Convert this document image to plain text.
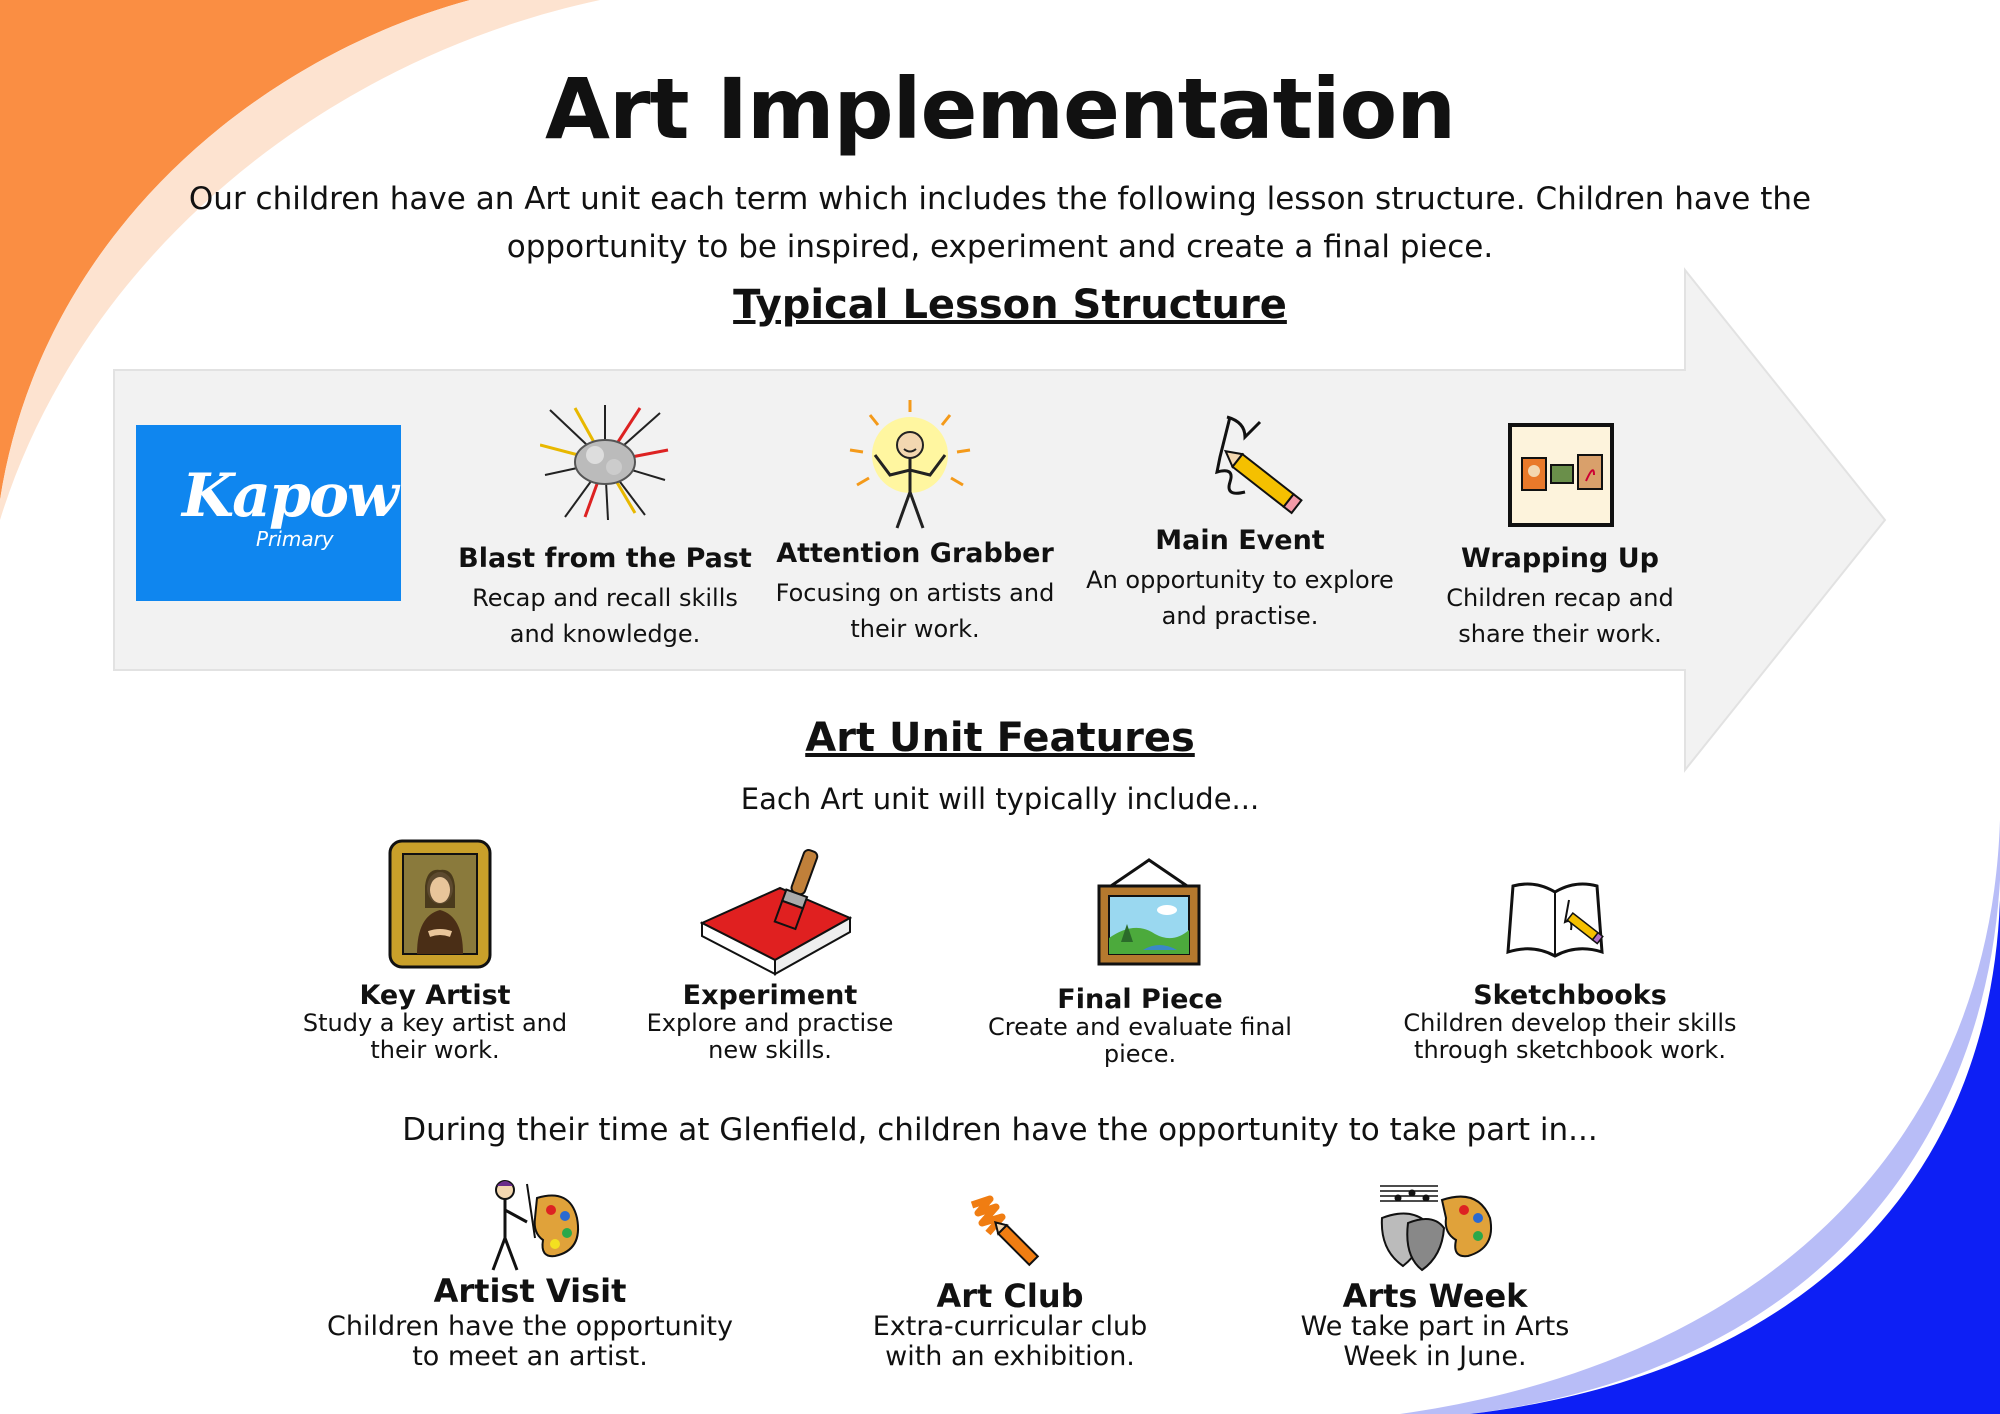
Art Implementation
Our children have an Art unit each term which includes the following lesson structure. Children have the opportunity to be inspired, experiment and create a final piece.
Typical Lesson Structure
Kapow
Primary
Blast from the Past
Recap and recall skills and knowledge.
Attention Grabber
Focusing on artists and their work.
Main Event
An opportunity to explore and practise.
Wrapping Up
Children recap and share their work.
Art Unit Features
Each Art unit will typically include...
Key Artist
Study a key artist and their work.
Experiment
Explore and practise new skills.
Final Piece
Create and evaluate final piece.
Sketchbooks
Children develop their skills through sketchbook work.
During their time at Glenfield, children have the opportunity to take part in...
Artist Visit
Children have the opportunity to meet an artist.
Art Club
Extra-curricular club with an exhibition.
Arts Week
We take part in Arts Week in June.
